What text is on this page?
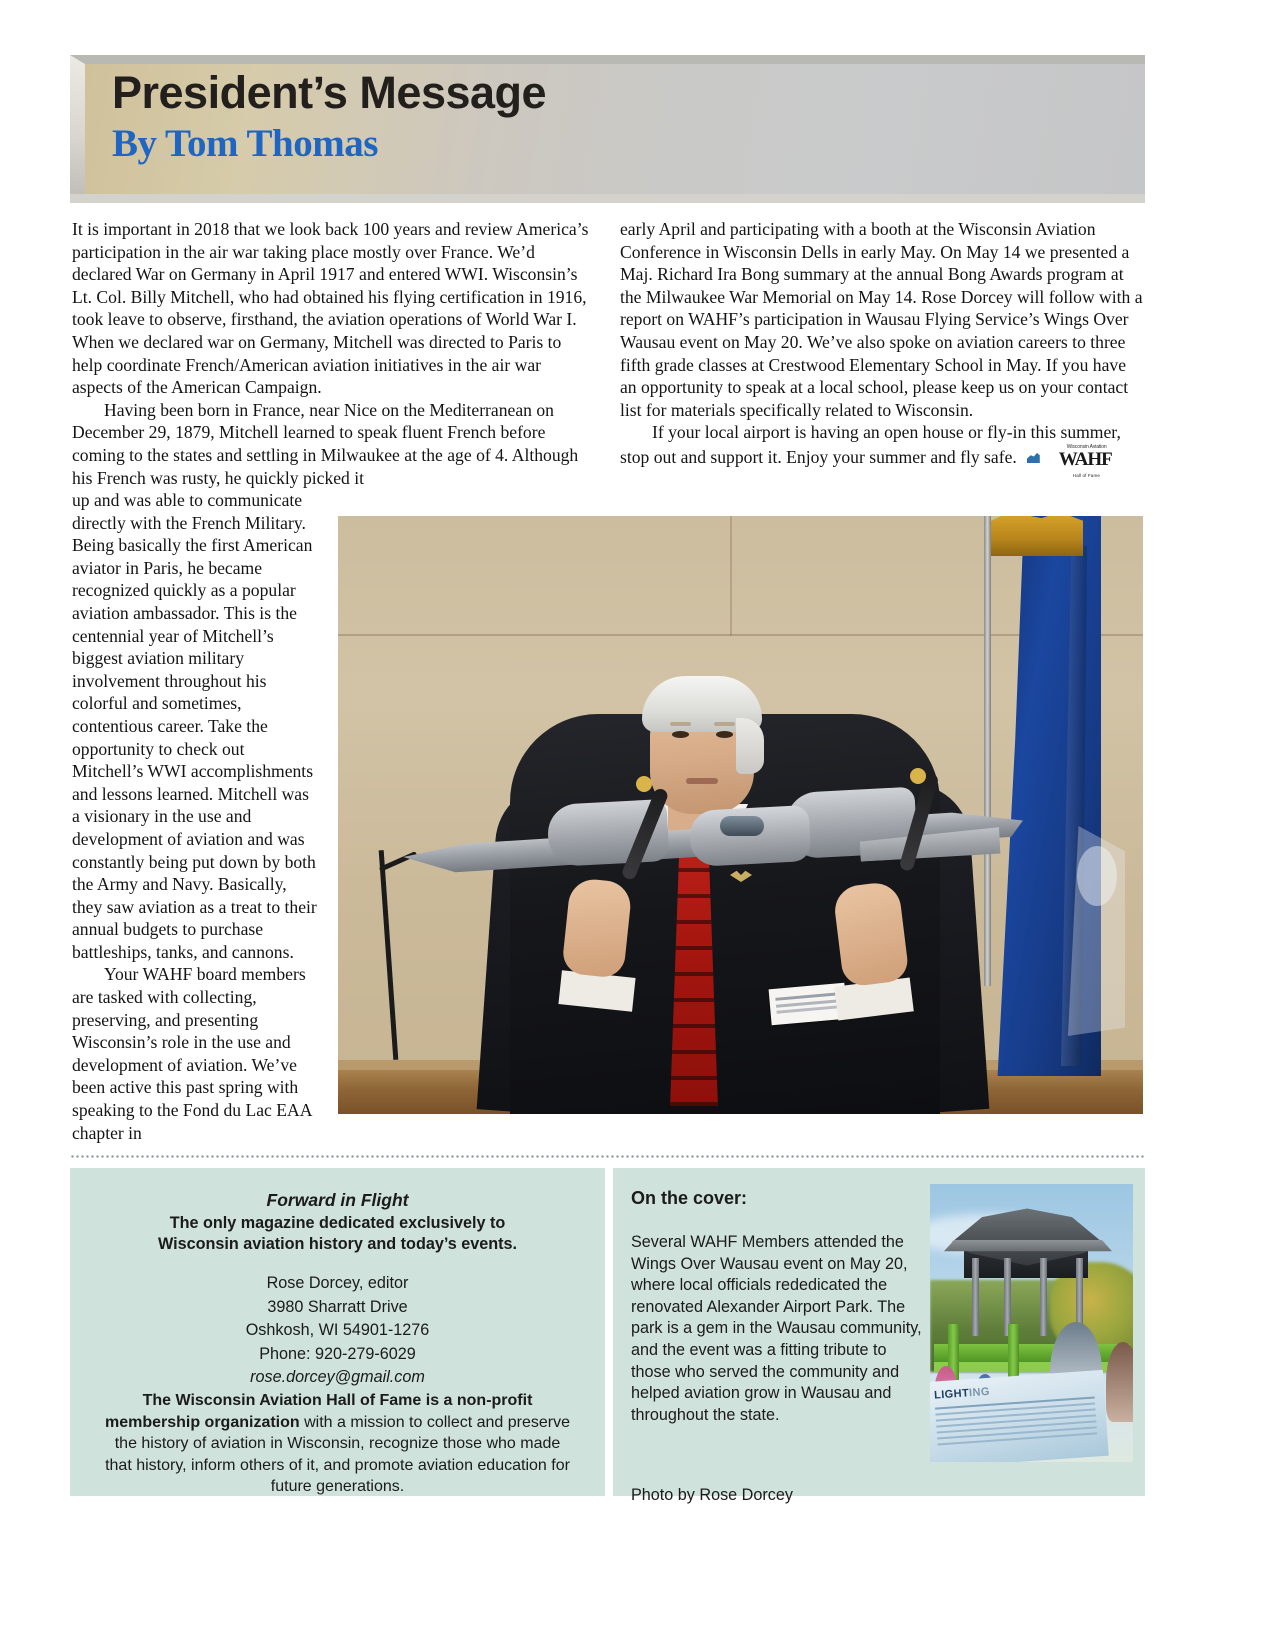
President’s Message
By Tom Thomas

It is important in 2018 that we look back 100 years and review America’s participation in the air war taking place mostly over France. We’d declared War on Germany in April 1917 and entered WWI. Wisconsin’s Lt. Col. Billy Mitchell, who had obtained his flying certification in 1916, took leave to observe, firsthand, the aviation operations of World War I. When we declared war on Germany, Mitchell was directed to Paris to help coordinate French/American aviation initiatives in the air war aspects of the American Campaign.

Having been born in France, near Nice on the Mediterranean on December 29, 1879, Mitchell learned to speak fluent French before coming to the states and settling in Milwaukee at the age of 4. Although his French was rusty, he quickly picked it

up and was able to communicate directly with the French Military. Being basically the first American aviator in Paris, he became recognized quickly as a popular aviation ambassador. This is the centennial year of Mitchell’s biggest aviation military involvement throughout his colorful and sometimes, contentious career. Take the opportunity to check out Mitchell’s WWI accomplishments and lessons learned. Mitchell was a visionary in the use and development of aviation and was constantly being put down by both the Army and Navy. Basically, they saw aviation as a treat to their annual budgets to purchase battleships, tanks, and cannons.

Your WAHF board members are tasked with collecting, preserving, and presenting Wisconsin’s role in the use and development of aviation. We’ve been active this past spring with speaking to the Fond du Lac EAA chapter in

early April and participating with a booth at the Wisconsin Aviation Conference in Wisconsin Dells in early May. On May 14 we presented a Maj. Richard Ira Bong summary at the annual Bong Awards program at the Milwaukee War Memorial on May 14. Rose Dorcey will follow with a report on WAHF’s participation in Wausau Flying Service’s Wings Over Wausau event on May 20. We’ve also spoke on aviation careers to three fifth grade classes at Crestwood Elementary School in May. If you have an opportunity to speak at a local school, please keep us on your contact list for materials specifically related to Wisconsin.

If your local airport is having an open house or fly-in this summer, stop out and support it. Enjoy your summer and fly safe.	Wisconsin Aviation
WAHF
Hall of Fame

Forward in Flight
The only magazine dedicated exclusively to
Wisconsin aviation history and today’s events.
Rose Dorcey, editor
3980 Sharratt Drive
Oshkosh, WI 54901-1276
Phone: 920-279-6029
rose.dorcey@gmail.com
The Wisconsin Aviation Hall of Fame is a non-profit membership organization with a mission to collect and preserve the history of aviation in Wisconsin, recognize those who made that history, inform others of it, and promote aviation education for future generations.
On the cover:
Several WAHF Members attended the Wings Over Wausau event on May 20, where local officials rededicated the renovated Alexander Airport Park. The park is a gem in the Wausau community, and the event was a fitting tribute to those who served the community and helped aviation grow in Wausau and throughout the state.
Photo by Rose Dorcey
LIGHTING
